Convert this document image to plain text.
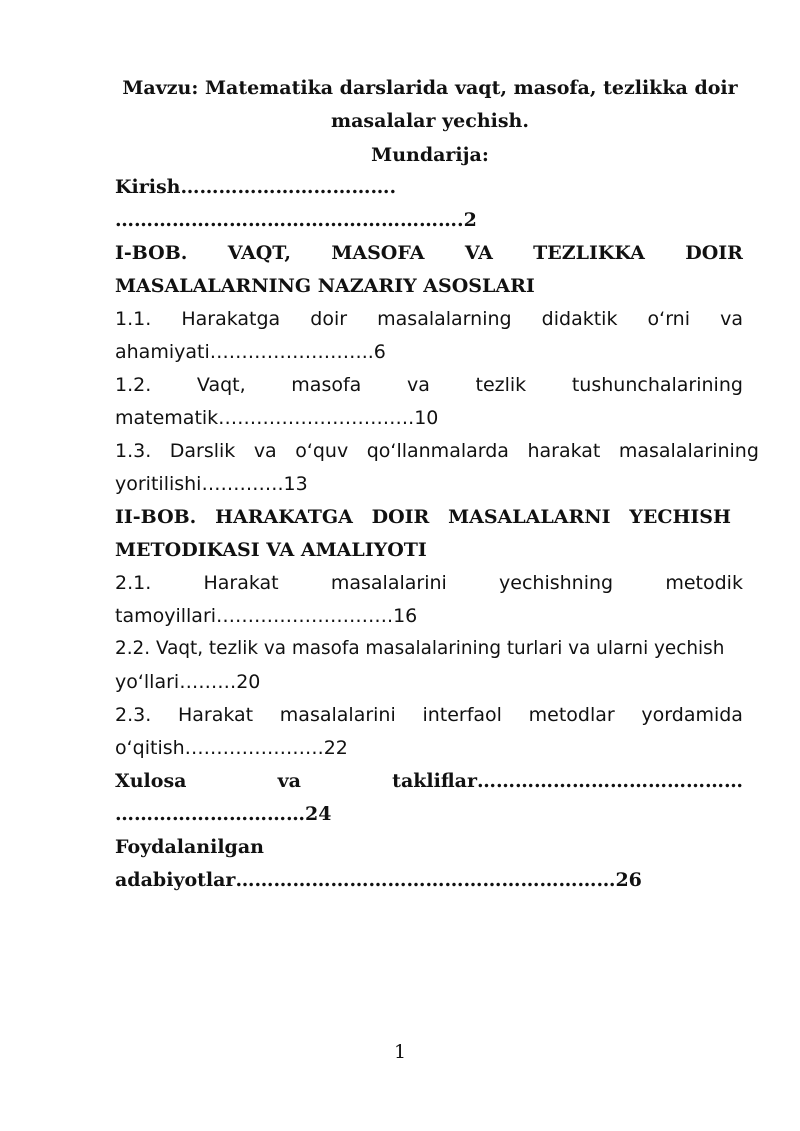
Mavzu: Matematika darslarida vaqt, masofa, tezlikka doir
masalalar yechish.
Mundarija:
Kirish…………………………….
……………………………………………….2
I-BOB. VAQT, MASOFA VA TEZLIKKA DOIR
MASALALARNING NAZARIY ASOSLARI
1.1. Harakatga doir masalalarning didaktik o‘rni va
ahamiyati……………………..6
1.2. Vaqt, masofa va tezlik tushunchalarining
matematik………………………….10
1.3. Darslik va o‘quv qo‘llanmalarda harakat masalalarining
yoritilishi………….13
II-BOB. HARAKATGA DOIR MASALALARNI YECHISH
METODIKASI VA AMALIYOTI
2.1.	Harakat	masalalarini	yechishning	metodik
tamoyillari……………………….16
2.2. Vaqt, tezlik va masofa masalalarining turlari va ularni yechish
yo‘llari………20
2.3. Harakat masalalarini interfaol metodlar yordamida
o‘qitish………………….22
Xulosa	va	takliflar……………………………………
…………………………24
Foydalanilgan
adabiyotlar……………………………………………………26
1
